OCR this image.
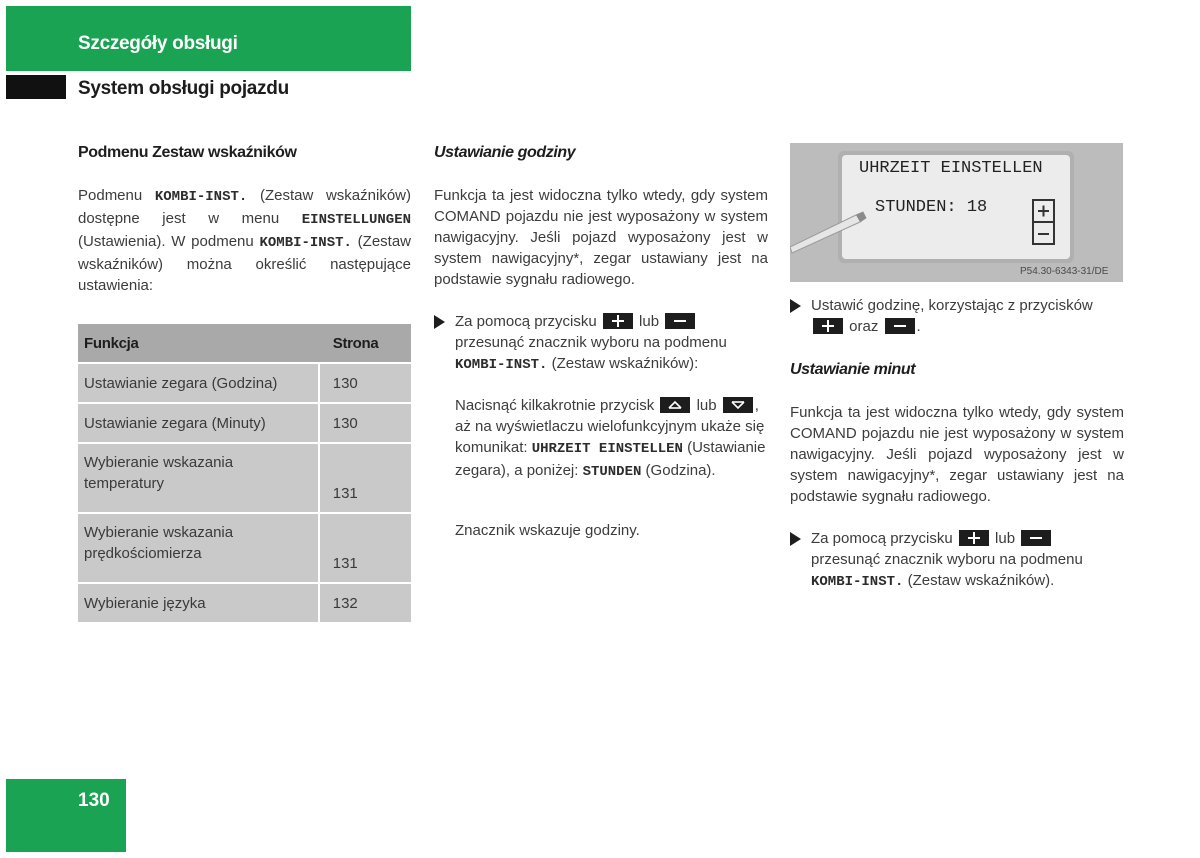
Szczegóły obsługi
System obsługi pojazdu
Podmenu Zestaw wskaźników
Podmenu KOMBI-INST. (Zestaw wskaźników) dostępne jest w menu EINSTELLUNGEN (Ustawienia). W podmenu KOMBI-INST. (Zestaw wskaźników) można określić następujące ustawienia:
Funkcja	Strona
Ustawianie zegara (Godzina)	130
Ustawianie zegara (Minuty)	130
Wybieranie wskazania temperatury	131
Wybieranie wskazania prędkościomierza	131
Wybieranie języka	132
Ustawianie godziny
Funkcja ta jest widoczna tylko wtedy, gdy system COMAND pojazdu nie jest wyposażony w system nawigacyjny. Jeśli pojazd wyposażony jest w system nawigacyjny*, zegar ustawiany jest na podstawie sygnału radiowego.
Za pomocą przycisku  lub  przesunąć znacznik wyboru na podmenu KOMBI-INST. (Zestaw wskaźników):
Nacisnąć kilkakrotnie przycisk
lub
, aż na wyświetlaczu wielofunkcyjnym ukaże się komunikat: UHRZEIT EINSTELLEN (Ustawianie zegara), a poniżej: STUNDEN (Godzina).
Znacznik wskazuje godziny.
UHRZEIT EINSTELLEN
STUNDEN: 18
P54.30-6343-31/DE
Ustawić godzinę, korzystając z przycisków  oraz .
Ustawianie minut
Funkcja ta jest widoczna tylko wtedy, gdy system COMAND pojazdu nie jest wyposażony w system nawigacyjny. Jeśli pojazd wyposażony jest w system nawigacyjny*, zegar ustawiany jest na podstawie sygnału radiowego.
Za pomocą przycisku  lub  przesunąć znacznik wyboru na podmenu KOMBI-INST. (Zestaw wskaźników).
130
